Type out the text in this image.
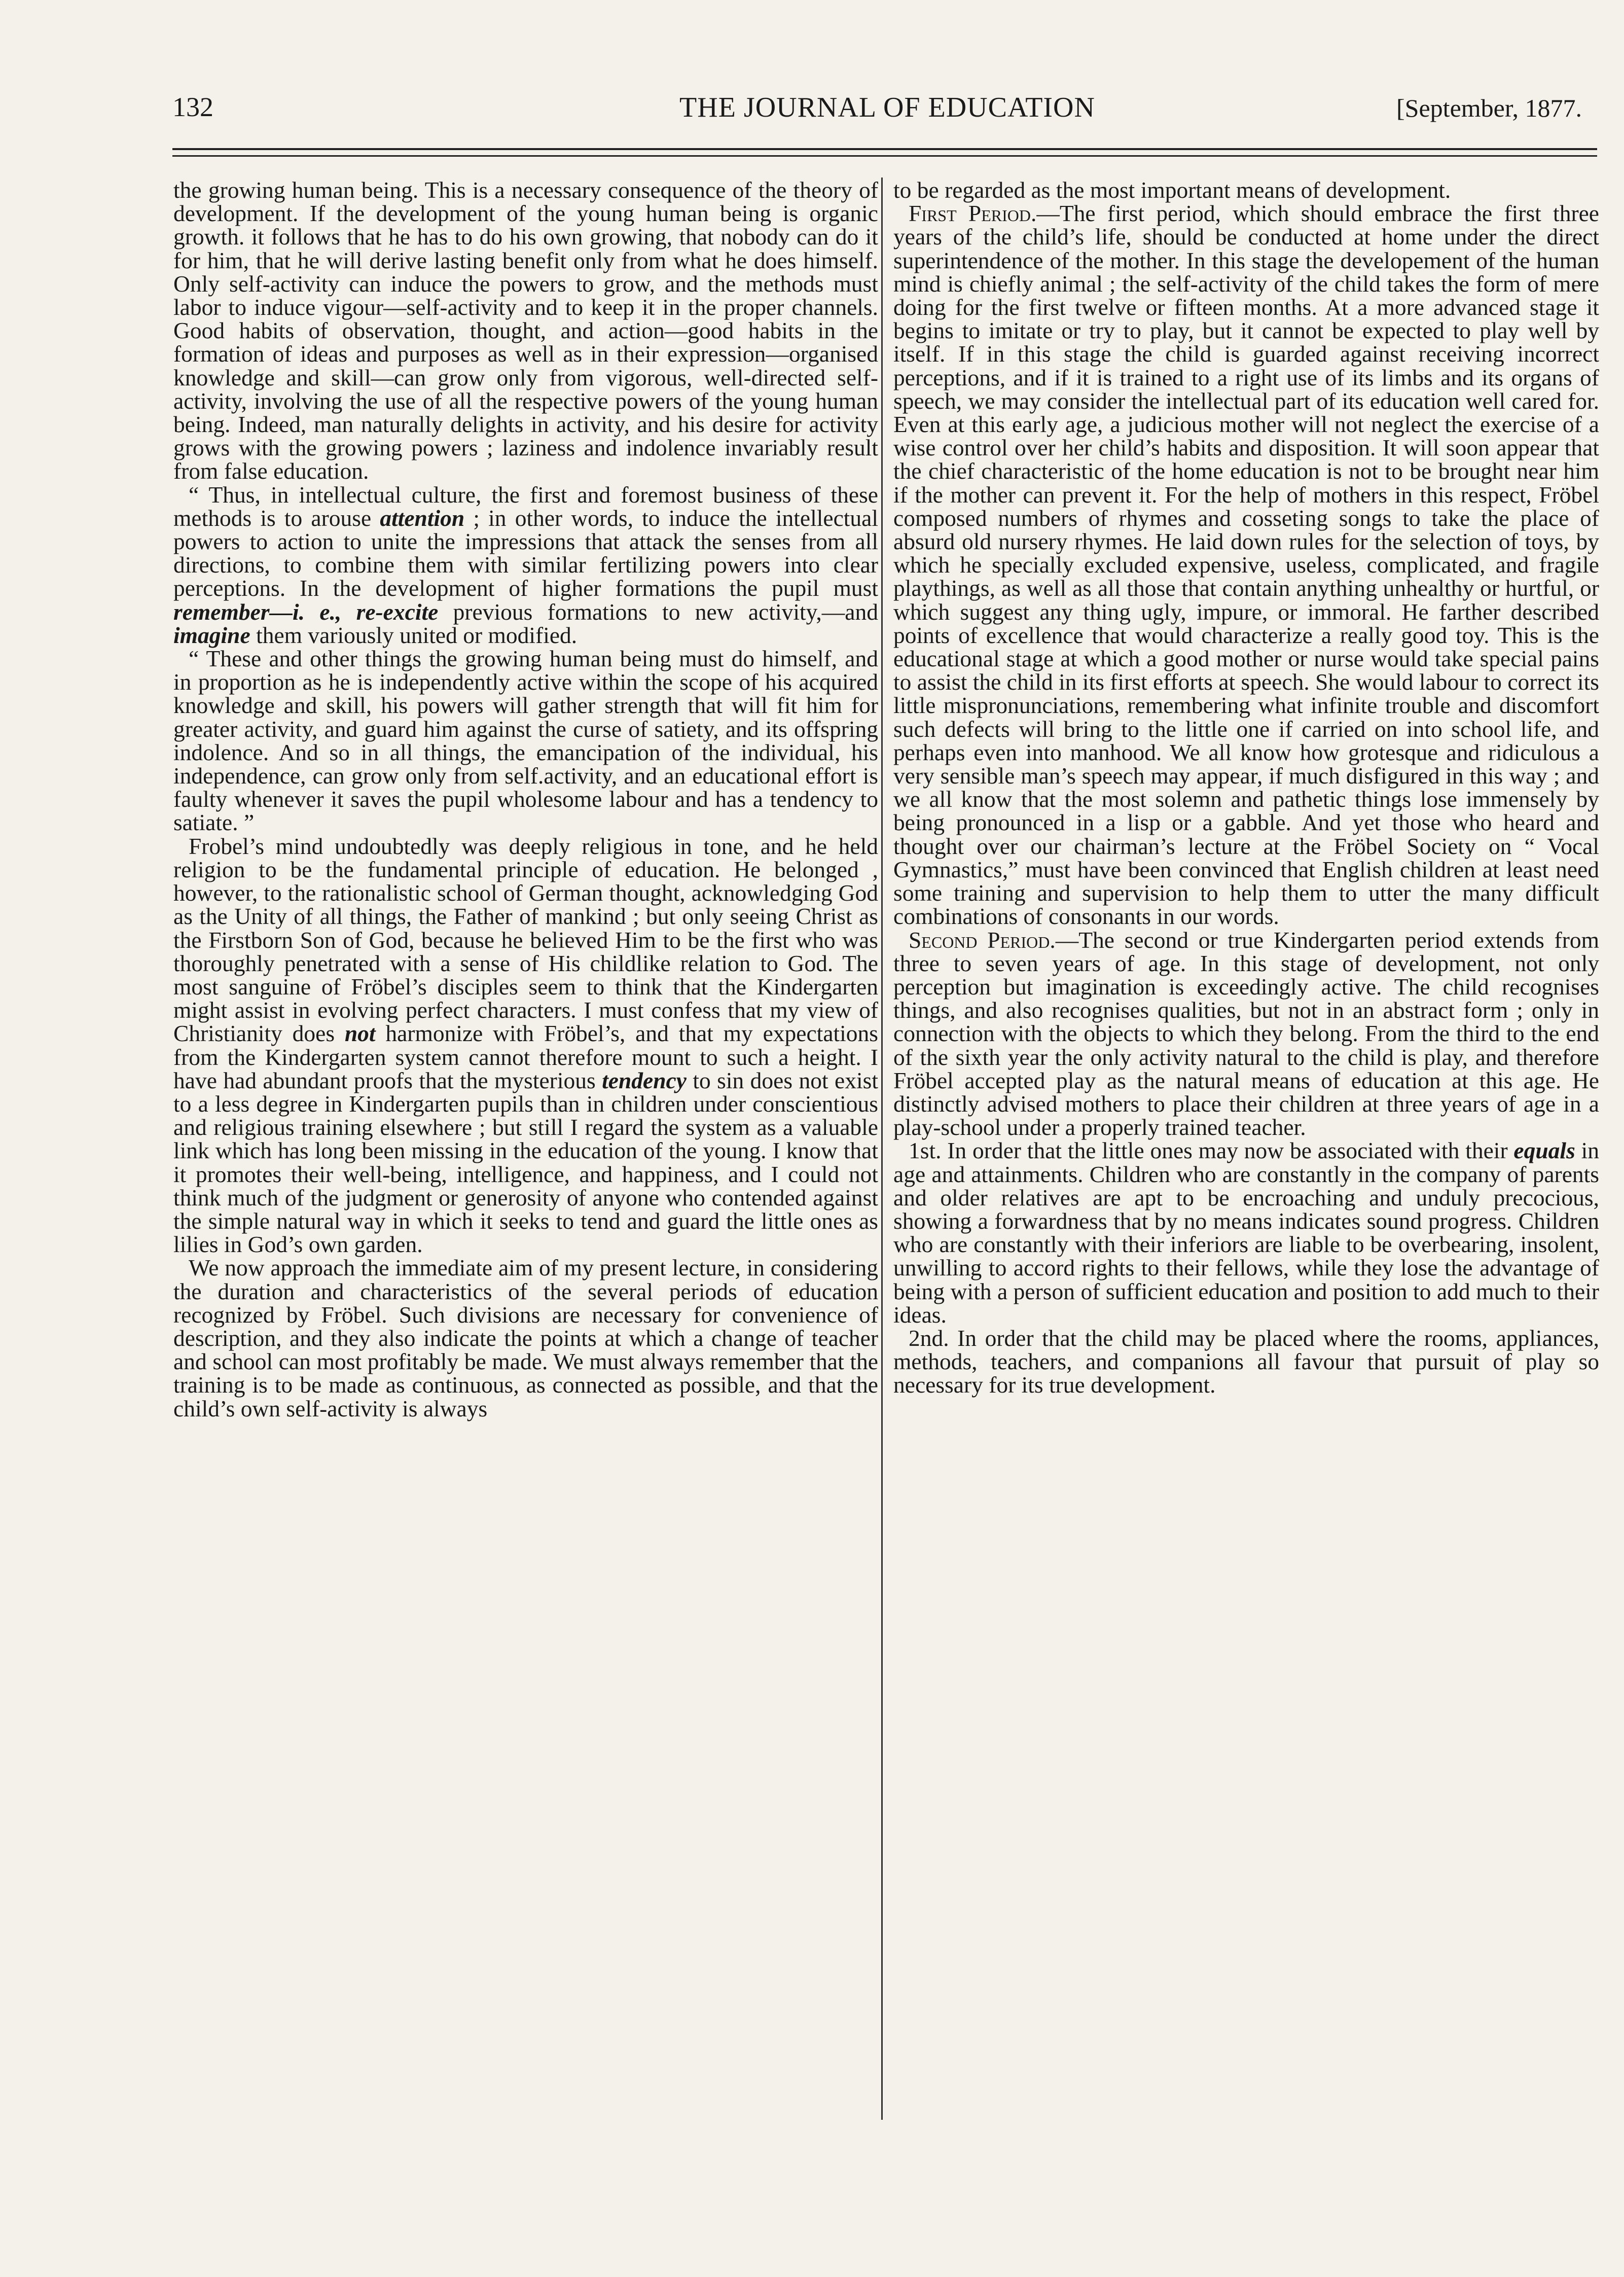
132	THE JOURNAL OF EDUCATION	[September, 1877.

the growing human being. This is a necessary consequence of the theory of development. If the development of the young human being is organic growth. it follows that he has to do his own growing, that nobody can do it for him, that he will derive lasting benefit only from what he does himself. Only self-activity can induce the powers to grow, and the methods must labor to induce vigour—self-activity and to keep it in the proper channels. Good habits of observation, thought, and action—good habits in the formation of ideas and purposes as well as in their expression—organised knowledge and skill—can grow only from vigorous, well-directed self-activity, involving the use of all the respective powers of the young human being. Indeed, man naturally delights in activity, and his desire for activity grows with the growing powers ; laziness and indolence invariably result from false education.

“ Thus, in intellectual culture, the first and foremost business of these methods is to arouse attention ; in other words, to induce the intellectual powers to action to unite the impressions that attack the senses from all directions, to combine them with similar fertilizing powers into clear perceptions. In the development of higher formations the pupil must remember—i. e., re-excite previous formations to new activity,—and imagine them variously united or modified.

“ These and other things the growing human being must do himself, and in proportion as he is independently active within the scope of his acquired knowledge and skill, his powers will gather strength that will fit him for greater activity, and guard him against the curse of satiety, and its offspring indolence. And so in all things, the emancipation of the individual, his independence, can grow only from self.activity, and an educational effort is faulty whenever it saves the pupil wholesome labour and has a tendency to satiate. ”

Frobel’s mind undoubtedly was deeply religious in tone, and he held religion to be the fundamental principle of education. He belonged , however, to the rationalistic school of German thought, acknowledging God as the Unity of all things, the Father of mankind ; but only seeing Christ as the Firstborn Son of God, because he believed Him to be the first who was thoroughly penetrated with a sense of His childlike relation to God. The most sanguine of Fröbel’s disciples seem to think that the Kindergarten might assist in evolving perfect characters. I must confess that my view of Christianity does not harmonize with Fröbel’s, and that my expectations from the Kindergarten system cannot therefore mount to such a height. I have had abundant proofs that the mysterious tendency to sin does not exist to a less degree in Kindergarten pupils than in children under conscientious and religious training elsewhere ; but still I regard the system as a valuable link which has long been missing in the education of the young. I know that it promotes their well-being, intelligence, and happiness, and I could not think much of the judgment or generosity of anyone who contended against the simple natural way in which it seeks to tend and guard the little ones as lilies in God’s own garden.

We now approach the immediate aim of my present lecture, in considering the duration and characteristics of the several periods of education recognized by Fröbel. Such divisions are necessary for convenience of description, and they also indicate the points at which a change of teacher and school can most profitably be made. We must always remember that the training is to be made as continuous, as connected as possible, and that the child’s own self-activity is always

to be regarded as the most important means of development.

First Period.—The first period, which should embrace the first three years of the child’s life, should be conducted at home under the direct superintendence of the mother. In this stage the developement of the human mind is chiefly animal ; the self-activity of the child takes the form of mere doing for the first twelve or fifteen months. At a more advanced stage it begins to imitate or try to play, but it cannot be expected to play well by itself. If in this stage the child is guarded against receiving incorrect perceptions, and if it is trained to a right use of its limbs and its organs of speech, we may consider the intellectual part of its education well cared for. Even at this early age, a judicious mother will not neglect the exercise of a wise control over her child’s habits and disposition. It will soon appear that the chief characteristic of the home education is not to be brought near him if the mother can prevent it. For the help of mothers in this respect, Fröbel composed numbers of rhymes and cosseting songs to take the place of absurd old nursery rhymes. He laid down rules for the selection of toys, by which he specially excluded expensive, useless, complicated, and fragile playthings, as well as all those that contain anything unhealthy or hurtful, or which suggest any thing ugly, impure, or immoral. He farther described points of excellence that would characterize a really good toy. This is the educational stage at which a good mother or nurse would take special pains to assist the child in its first efforts at speech. She would labour to correct its little mispronunciations, remembering what infinite trouble and discomfort such defects will bring to the little one if carried on into school life, and perhaps even into manhood. We all know how grotesque and ridiculous a very sensible man’s speech may appear, if much disfigured in this way ; and we all know that the most solemn and pathetic things lose immensely by being pronounced in a lisp or a gabble. And yet those who heard and thought over our chairman’s lecture at the Fröbel Society on “ Vocal Gymnastics,” must have been convinced that English children at least need some training and supervision to help them to utter the many difficult combinations of consonants in our words.

Second Period.—The second or true Kindergarten period extends from three to seven years of age. In this stage of development, not only perception but imagination is exceedingly active. The child recognises things, and also recognises qualities, but not in an abstract form ; only in connection with the objects to which they belong. From the third to the end of the sixth year the only activity natural to the child is play, and therefore Fröbel accepted play as the natural means of education at this age. He distinctly advised mothers to place their children at three years of age in a play-school under a properly trained teacher.

1st. In order that the little ones may now be associated with their equals in age and attainments. Children who are constantly in the company of parents and older relatives are apt to be encroaching and unduly precocious, showing a forwardness that by no means indicates sound progress. Children who are constantly with their inferiors are liable to be overbearing, insolent, unwilling to accord rights to their fellows, while they lose the advantage of being with a person of sufficient education and position to add much to their ideas.

2nd. In order that the child may be placed where the rooms, appliances, methods, teachers, and companions all favour that pursuit of play so necessary for its true development.
